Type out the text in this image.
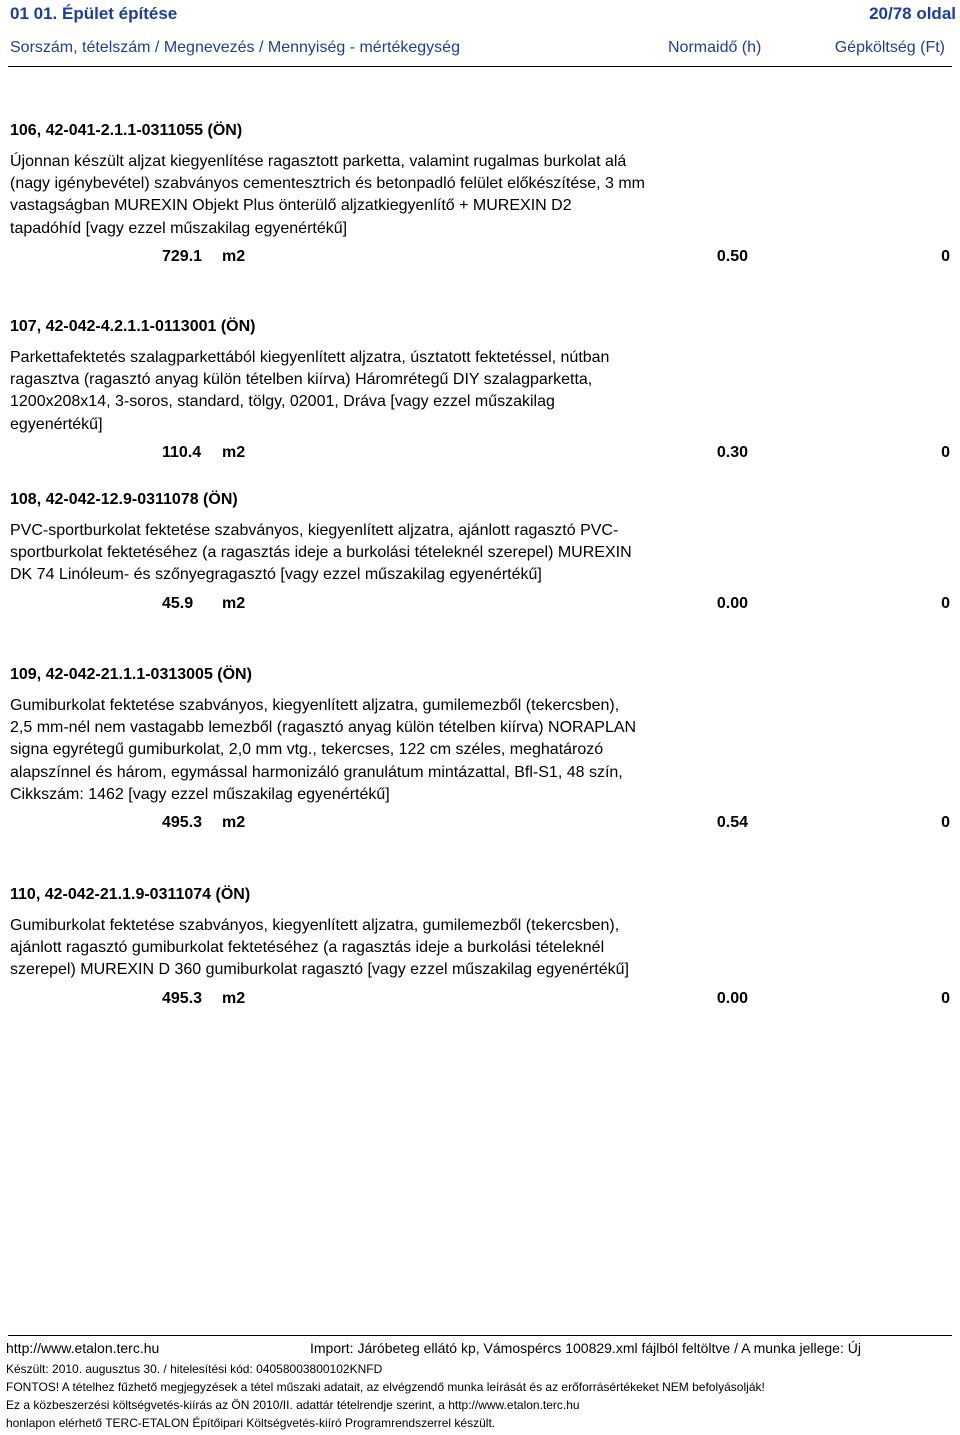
01 01. Épület építése	20/78 oldal
Sorszám, tételszám / Megnevezés / Mennyiség - mértékegység	Normaidő (h)	Gépköltség (Ft)
106, 42-041-2.1.1-0311055 (ÖN)
Újonnan készült aljzat kiegyenlítése ragasztott parketta, valamint rugalmas burkolat alá (nagy igénybevétel) szabványos cementesztrich és betonpadló felület előkészítése, 3 mm vastagságban MUREXIN Objekt Plus önterülő aljzatkiegyenlítő + MUREXIN D2 tapadóhíd [vagy ezzel műszakilag egyenértékű]
729.1 m2	0.50	0
107, 42-042-4.2.1.1-0113001 (ÖN)
Parkettafektetés szalagparkettából kiegyenlített aljzatra, úsztatott fektetéssel, nútban ragasztva (ragasztó anyag külön tételben kiírva) Háromrétegű DIY szalagparketta, 1200x208x14, 3-soros, standard, tölgy, 02001, Dráva [vagy ezzel műszakilag egyenértékű]
110.4 m2	0.30	0
108, 42-042-12.9-0311078 (ÖN)
PVC-sportburkolat fektetése szabványos, kiegyenlített aljzatra, ajánlott ragasztó PVC-sportburkolat fektetéséhez (a ragasztás ideje a burkolási tételeknél szerepel) MUREXIN DK 74 Linóleum- és szőnyegragasztó [vagy ezzel műszakilag egyenértékű]
45.9 m2	0.00	0
109, 42-042-21.1.1-0313005 (ÖN)
Gumiburkolat fektetése szabványos, kiegyenlített aljzatra, gumilemezből (tekercsben), 2,5 mm-nél nem vastagabb lemezből (ragasztó anyag külön tételben kiírva) NORAPLAN signa egyrétegű gumiburkolat, 2,0 mm vtg., tekercses, 122 cm széles, meghatározó alapszínnel és három, egymással harmonizáló granulátum mintázattal, Bfl-S1, 48 szín, Cikkszám: 1462 [vagy ezzel műszakilag egyenértékű]
495.3 m2	0.54	0
110, 42-042-21.1.9-0311074 (ÖN)
Gumiburkolat fektetése szabványos, kiegyenlített aljzatra, gumilemezből (tekercsben), ajánlott ragasztó gumiburkolat fektetéséhez (a ragasztás ideje a burkolási tételeknél szerepel) MUREXIN D 360 gumiburkolat ragasztó [vagy ezzel műszakilag egyenértékű]
495.3 m2	0.00	0
http://www.etalon.terc.hu	Import: Járóbeteg ellátó kp, Vámospércs 100829.xml fájlból feltöltve / A munka jellege: Új
Készült: 2010. augusztus 30. / hitelesítési kód: 04058003800102KNFD
FONTOS! A tételhez fűzhető megjegyzések a tétel műszaki adatait, az elvégzendő munka leírását és az erőforrásértékeket NEM befolyásolják!
Ez a közbeszerzési költségvetés-kiírás az ÖN 2010/II. adattár tételrendje szerint, a http://www.etalon.terc.hu
honlapon elérhető TERC-ETALON Építőipari Költségvetés-kiíró Programrendszerrel készült.
